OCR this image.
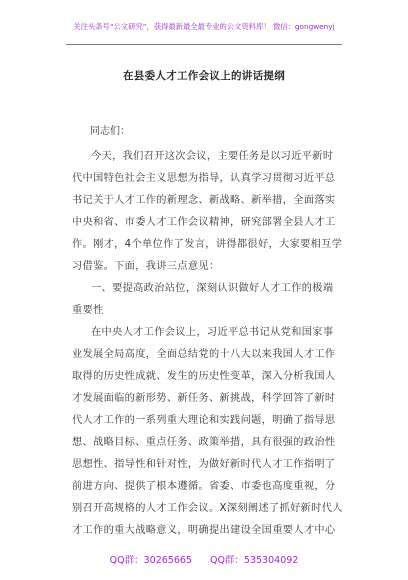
关注头条号“公文研究”，获得最新最全最专业的公文资料库！ 微信：gongwenyj
在县委人才工作会议上的讲话提纲
同志们：
今天，我们召开这次会议，主要任务是以习近平新时
代中国特色社会主义思想为指导，认真学习贯彻习近平总
书记关于人才工作的新理念、新战略、新举措，全面落实
中央和省、市委人才工作会议精神，研究部署全县人才工
作。刚才，4个单位作了发言，讲得都很好，大家要相互学
习借鉴。下面，我讲三点意见：
一、要提高政治站位，深刻认识做好人才工作的极端
重要性
在中央人才工作会议上，习近平总书记从党和国家事
业发展全局高度，全面总结党的十八大以来我国人才工作
取得的历史性成就、发生的历史性变革，深入分析我国人
才发展面临的新形势、新任务、新挑战，科学回答了新时
代人才工作的一系列重大理论和实践问题，明确了指导思
想、战略目标、重点任务、政策举措，具有很强的政治性
思想性、指导性和针对性，为做好新时代人才工作指明了
前进方向、提供了根本遵循。省委、市委也高度重视，分
别召开高规格的人才工作会议。X深刻阐述了抓好新时代人
才工作的重大战略意义，明确提出建设全国重要人才中心
QQ群：30265665 QQ群：535304092
